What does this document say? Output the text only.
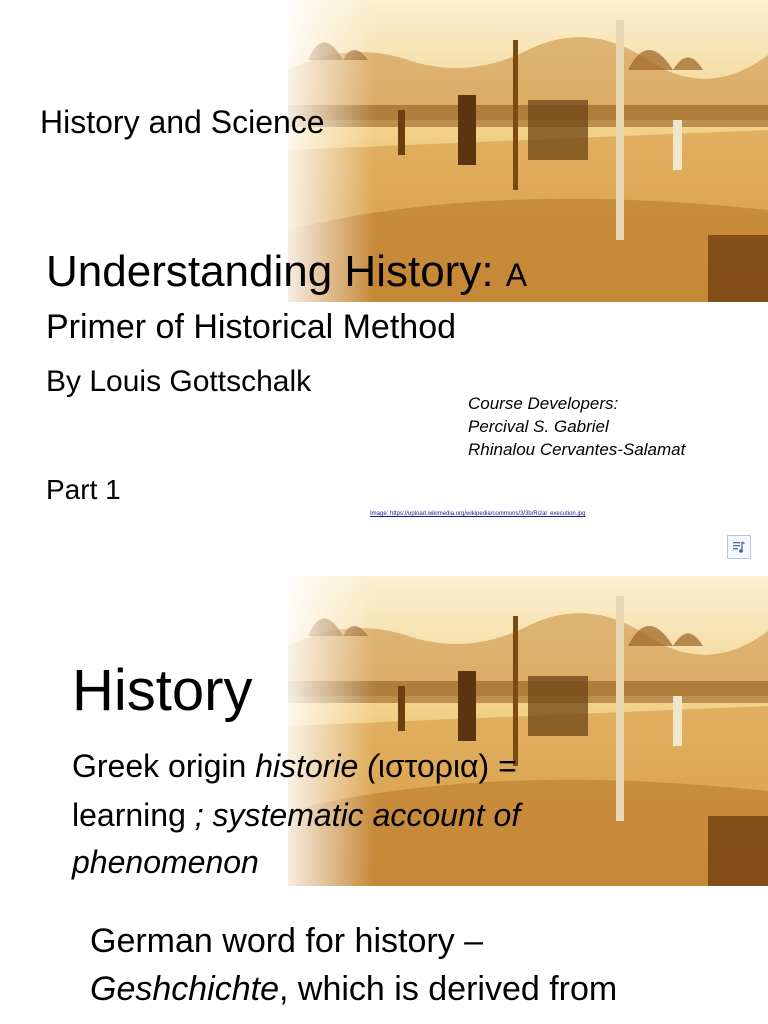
History and Science
Understanding History: A
Primer of Historical Method
By Louis Gottschalk
Course Developers:
Percival S. Gabriel
Rhinalou Cervantes-Salamat
Part 1
Image: https://upload.wikimedia.org/wikipedia/commons/3/3b/Rizal_execution.jpg
History
Greek origin historie (ιστορια) =
learning ; systematic account of
phenomenon
German word for history –
Geshchichte, which is derived from
